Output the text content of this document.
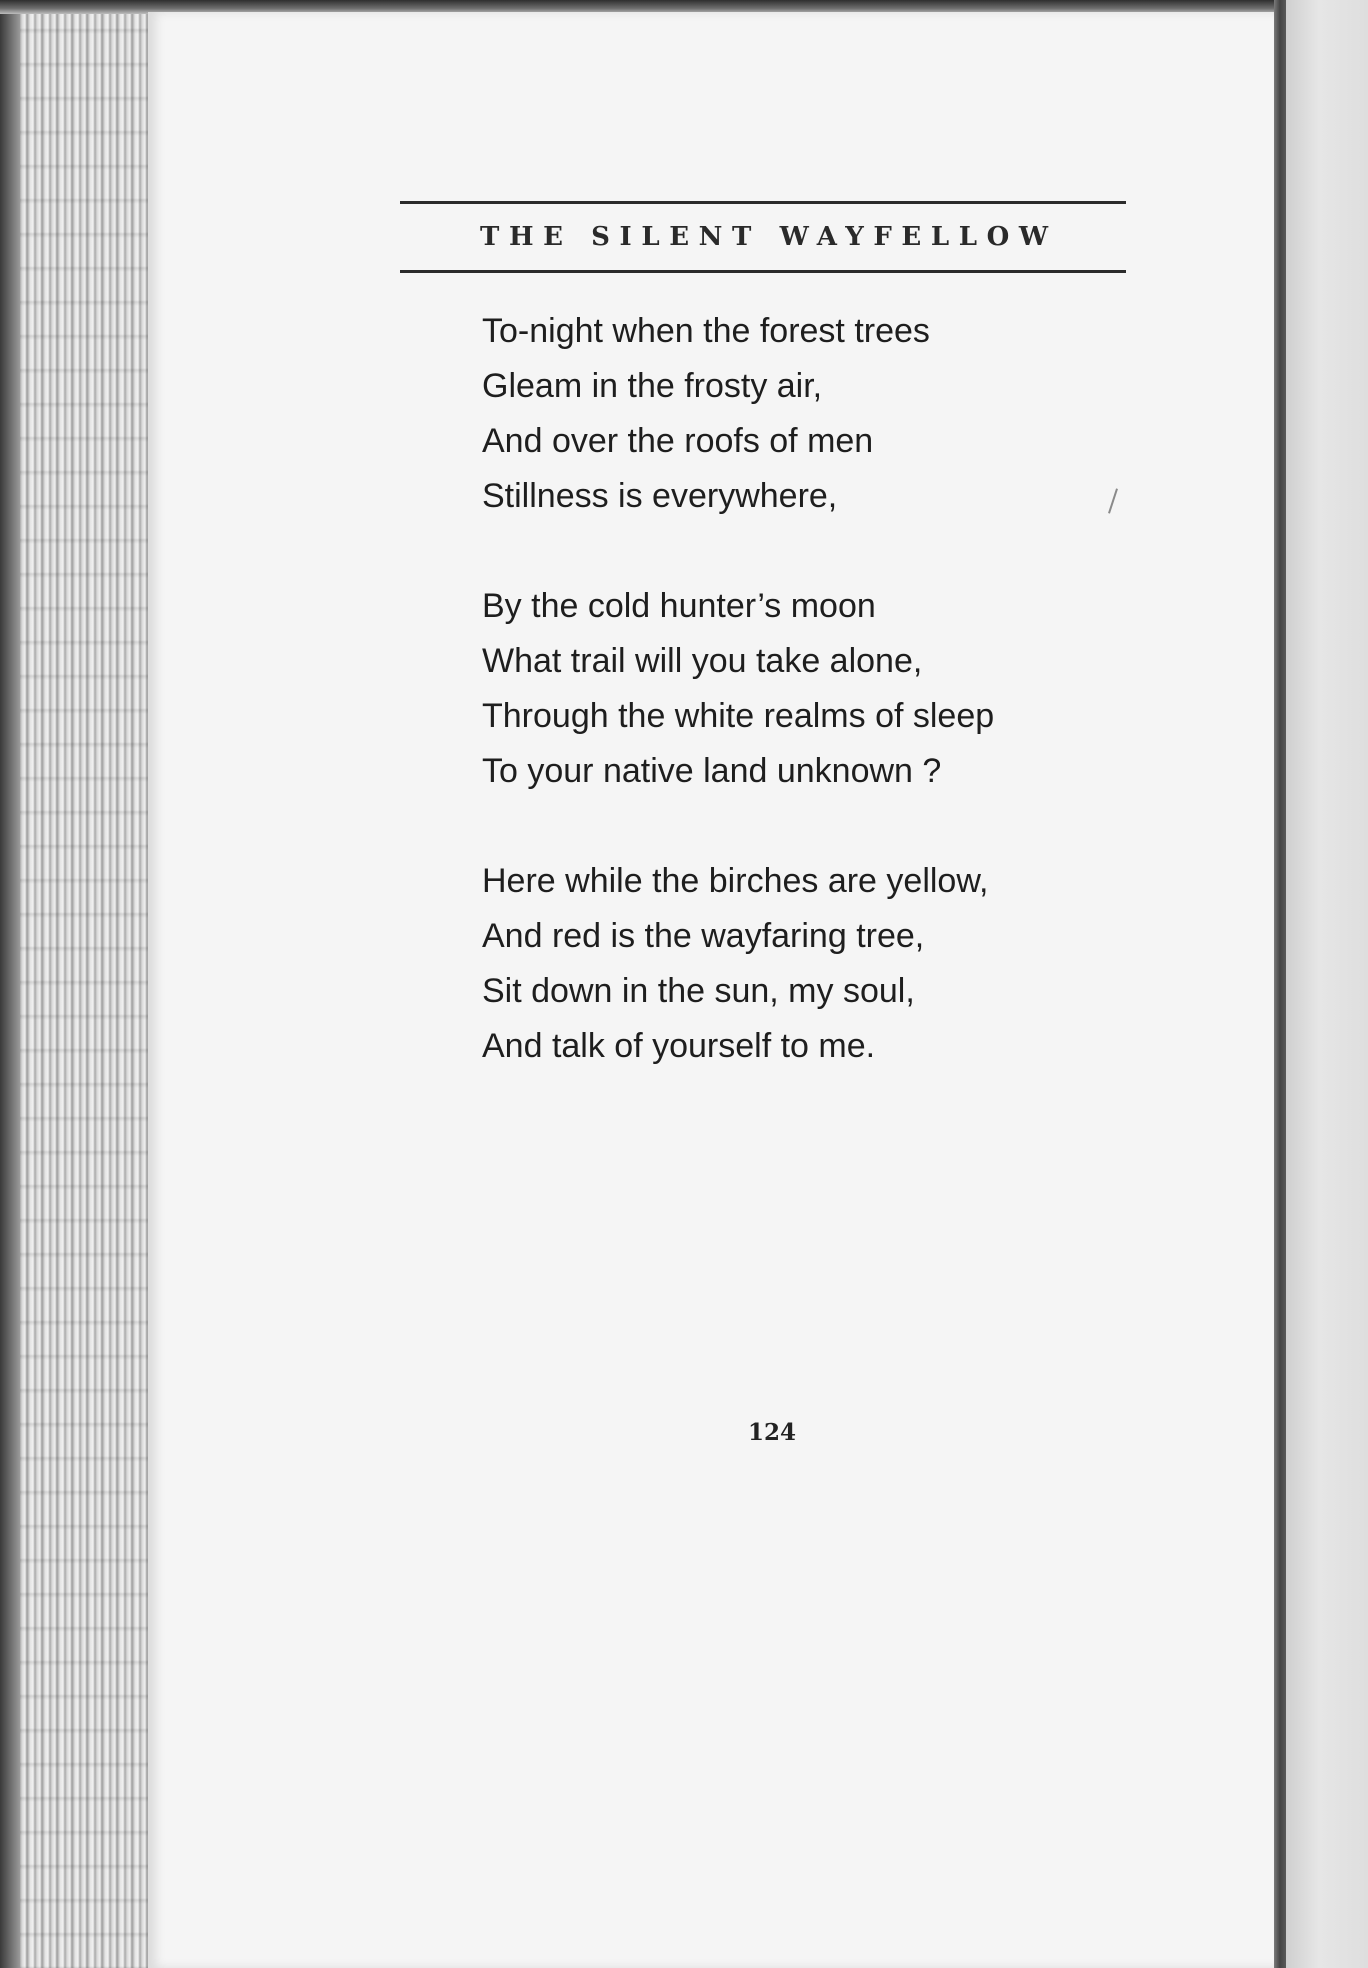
THE SILENT WAYFELLOW
To-night when the forest trees
Gleam in the frosty air,
And over the roofs of men
Stillness is everywhere,
By the cold hunter’s moon
What trail will you take alone,
Through the white realms of sleep
To your native land unknown ?
Here while the birches are yellow,
And red is the wayfaring tree,
Sit down in the sun, my soul,
And talk of yourself to me.
124
